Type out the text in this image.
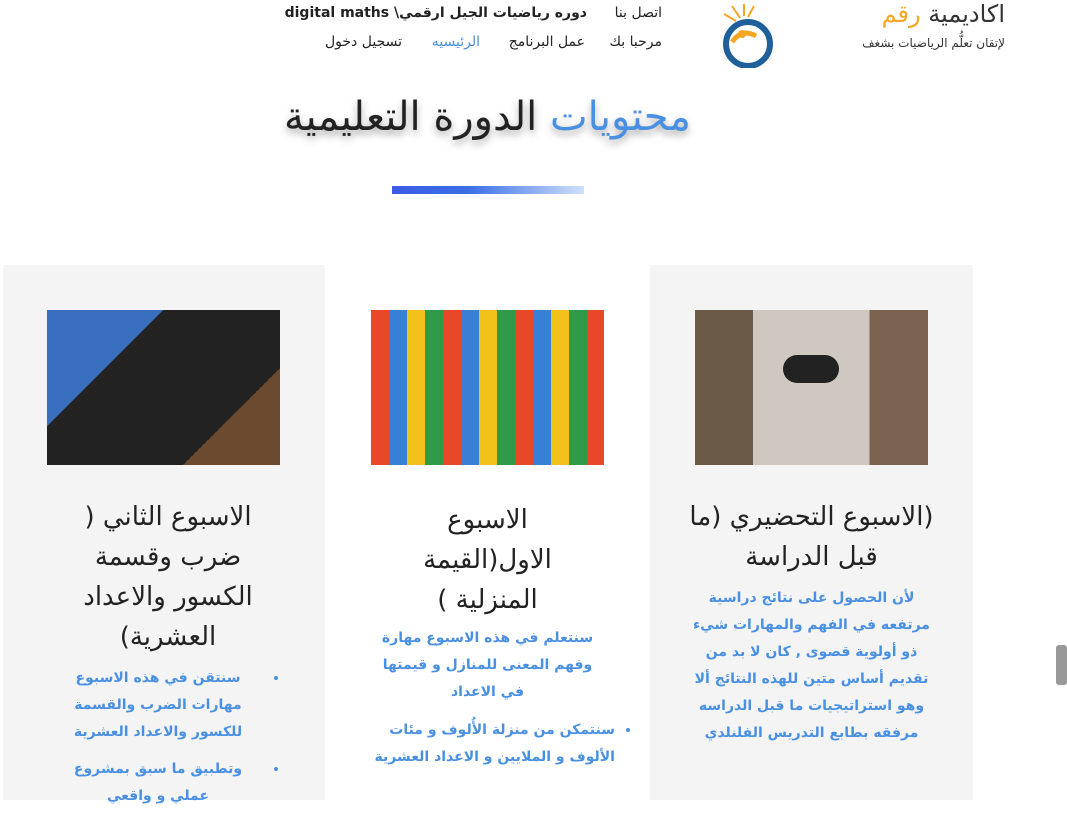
اكاديمية رقم
لإتقان تعلُّم الرياضيات بشغف
اتصل بنا
دوره رياضيات الجيل ارقمي\ digital maths
مرحبا بك
عمل البرنامج
الرئيسيه
تسجيل دخول
محتويات الدورة التعليمية
(الاسبوع التحضيري (ما قبل الدراسة
لأن الحصول على نتائج دراسية مرتفعه في الفهم والمهارات شيء ذو أولوية قصوى , كان لا بد من تقديم أساس متين للهذه النتائج ألا وهو استراتيجيات ما قبل الدراسه مرفقه بطابع التدريس الفلنلدي
الاسبوع الاول(القيمة المنزلية )
سنتعلم في هذه الاسبوع مهارة وفهم المعنى للمنازل و قيمتها في الاعداد
• سنتمكن من منزلة الأُلوف و مئات الألوف و الملايين و الاعداد العشرية
الاسبوع الثاني ( ضرب وقسمة الكسور والاعداد العشرية)
• سنتقن في هذه الاسبوع مهارات الضرب والقسمة للكسور والاعداد العشرية
• وتطبيق ما سبق بمشروع عملي و واقعي
